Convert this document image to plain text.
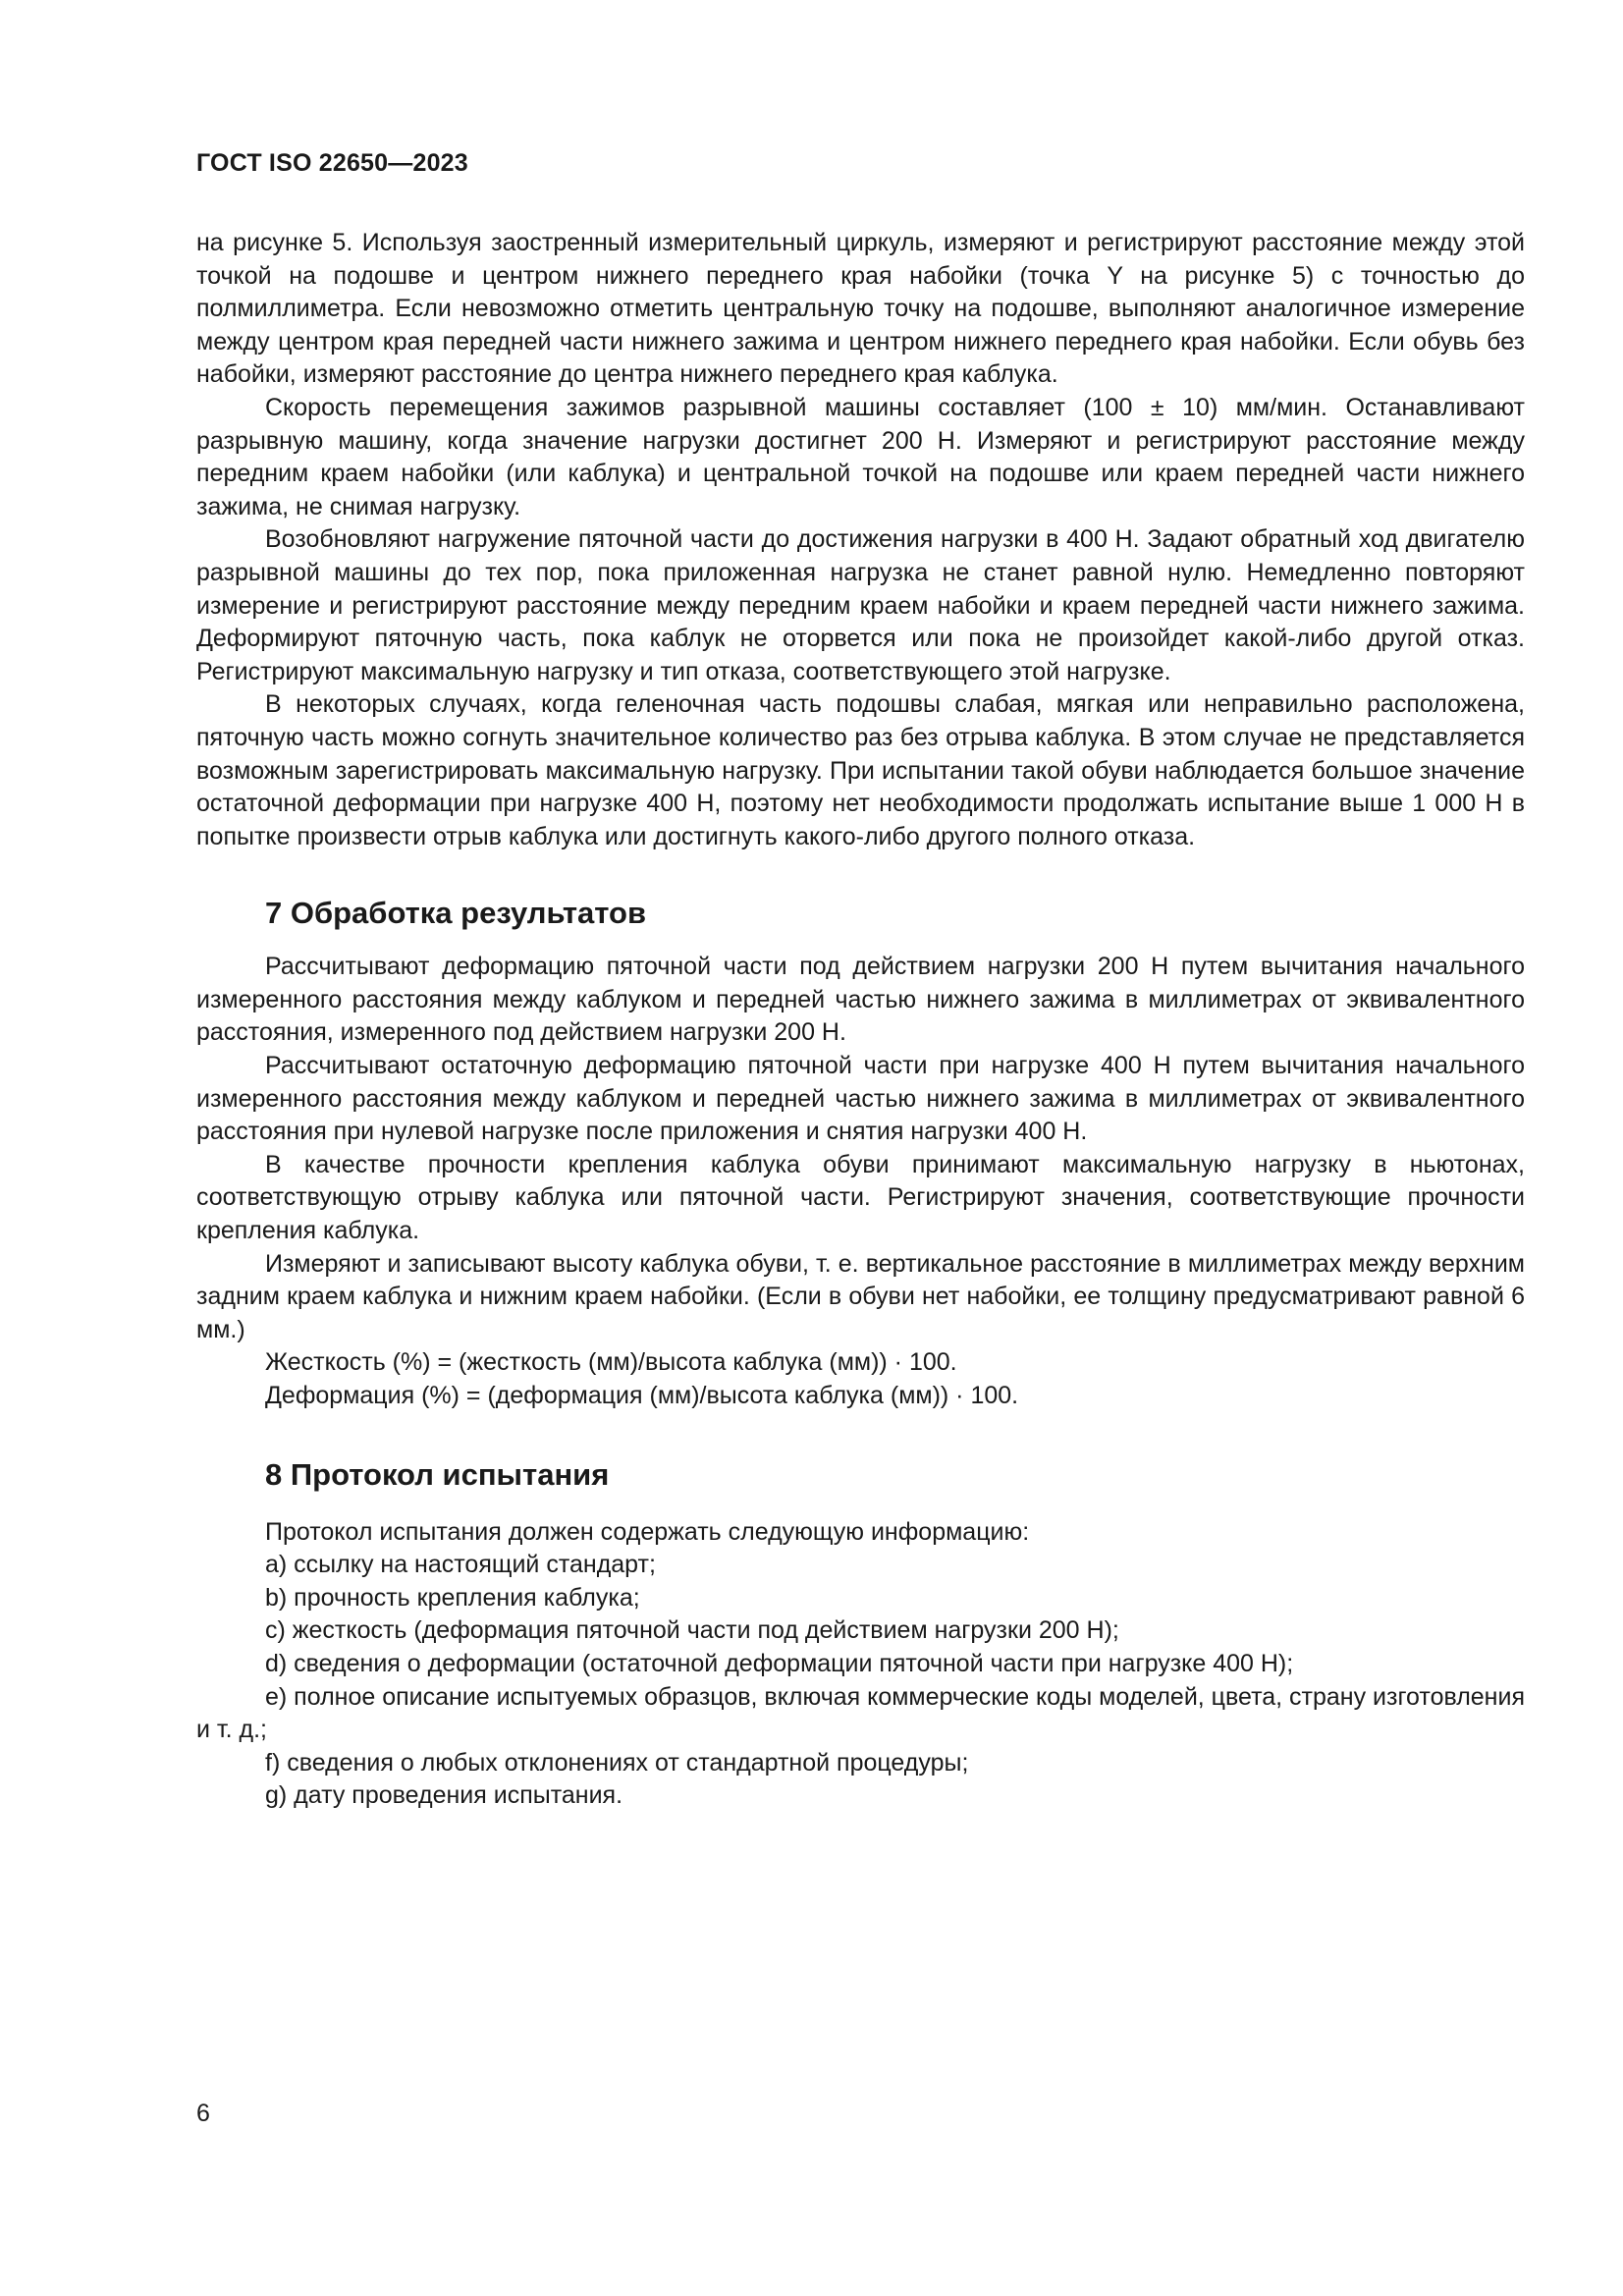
ГОСТ ISO 22650—2023

на рисунке 5. Используя заостренный измерительный циркуль, измеряют и регистрируют расстояние между этой точкой на подошве и центром нижнего переднего края набойки (точка Y на рисунке 5) с точностью до полмиллиметра. Если невозможно отметить центральную точку на подошве, выполняют аналогичное измерение между центром края передней части нижнего зажима и центром нижнего переднего края набойки. Если обувь без набойки, измеряют расстояние до центра нижнего переднего края каблука.

Скорость перемещения зажимов разрывной машины составляет (100 ± 10) мм/мин. Останавливают разрывную машину, когда значение нагрузки достигнет 200 Н. Измеряют и регистрируют расстояние между передним краем набойки (или каблука) и центральной точкой на подошве или краем передней части нижнего зажима, не снимая нагрузку.

Возобновляют нагружение пяточной части до достижения нагрузки в 400 Н. Задают обратный ход двигателю разрывной машины до тех пор, пока приложенная нагрузка не станет равной нулю. Немедленно повторяют измерение и регистрируют расстояние между передним краем набойки и краем передней части нижнего зажима. Деформируют пяточную часть, пока каблук не оторвется или пока не произойдет какой-либо другой отказ. Регистрируют максимальную нагрузку и тип отказа, соответствующего этой нагрузке.

В некоторых случаях, когда геленочная часть подошвы слабая, мягкая или неправильно расположена, пяточную часть можно согнуть значительное количество раз без отрыва каблука. В этом случае не представляется возможным зарегистрировать максимальную нагрузку. При испытании такой обуви наблюдается большое значение остаточной деформации при нагрузке 400 Н, поэтому нет необходимости продолжать испытание выше 1 000 Н в попытке произвести отрыв каблука или достигнуть какого-либо другого полного отказа.

7 Обработка результатов

Рассчитывают деформацию пяточной части под действием нагрузки 200 Н путем вычитания начального измеренного расстояния между каблуком и передней частью нижнего зажима в миллиметрах от эквивалентного расстояния, измеренного под действием нагрузки 200 Н.

Рассчитывают остаточную деформацию пяточной части при нагрузке 400 Н путем вычитания начального измеренного расстояния между каблуком и передней частью нижнего зажима в миллиметрах от эквивалентного расстояния при нулевой нагрузке после приложения и снятия нагрузки 400 Н.

В качестве прочности крепления каблука обуви принимают максимальную нагрузку в ньютонах, соответствующую отрыву каблука или пяточной части. Регистрируют значения, соответствующие прочности крепления каблука.

Измеряют и записывают высоту каблука обуви, т. е. вертикальное расстояние в миллиметрах между верхним задним краем каблука и нижним краем набойки. (Если в обуви нет набойки, ее толщину предусматривают равной 6 мм.)

Жесткость (%) = (жесткость (мм)/высота каблука (мм)) · 100.

Деформация (%) = (деформация (мм)/высота каблука (мм)) · 100.

8 Протокол испытания

Протокол испытания должен содержать следующую информацию:

a) ссылку на настоящий стандарт;

b) прочность крепления каблука;

c) жесткость (деформация пяточной части под действием нагрузки 200 Н);

d) сведения о деформации (остаточной деформации пяточной части при нагрузке 400 Н);

e) полное описание испытуемых образцов, включая коммерческие коды моделей, цвета, страну изготовления и т. д.;

f) сведения о любых отклонениях от стандартной процедуры;

g) дату проведения испытания.

6
